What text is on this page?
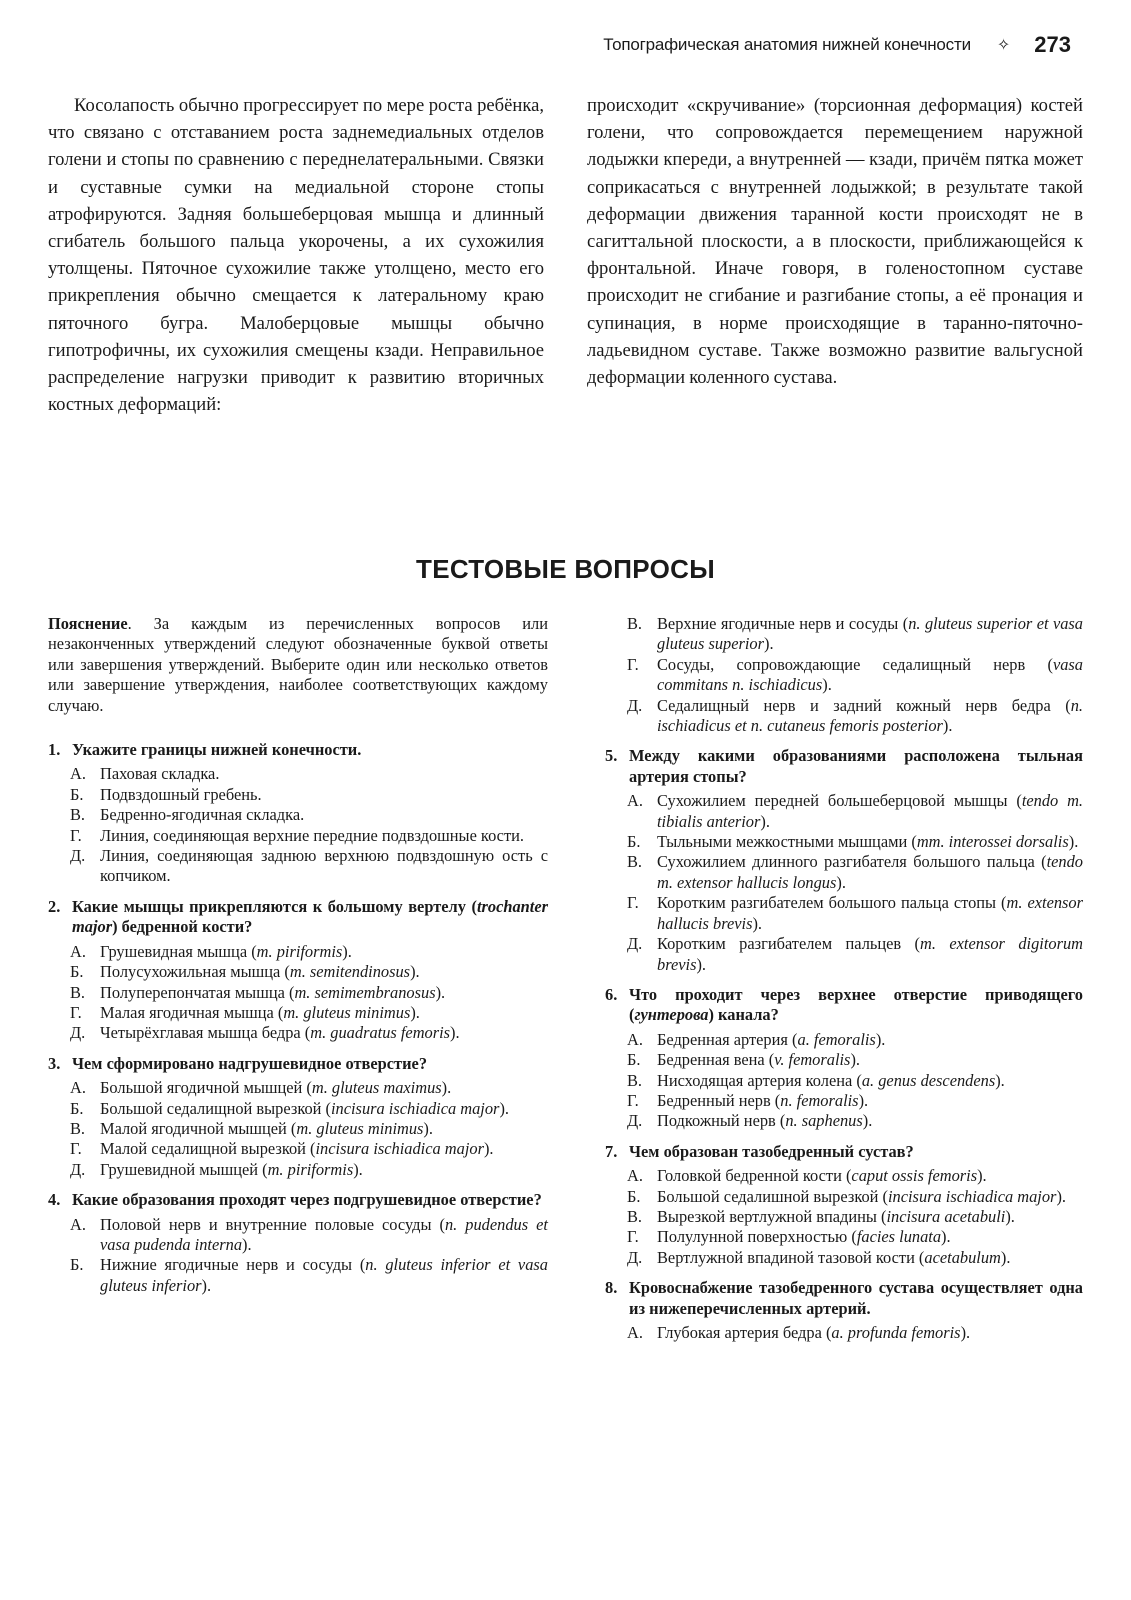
Топографическая анатомия нижней конечности ✧ 273

Косолапость обычно прогрессирует по мере роста ребёнка, что связано с отставанием роста заднемедиальных отделов голени и стопы по сравнению с переднелатеральными. Связки и суставные сумки на медиальной стороне стопы атрофируются. Задняя большеберцовая мышца и длинный сгибатель большого пальца укорочены, а их сухожилия утолщены. Пяточное сухожилие также утолщено, место его прикрепления обычно смещается к латеральному краю пяточного бугра. Малоберцовые мышцы обычно гипотрофичны, их сухожилия смещены кзади. Неправильное распределение нагрузки приводит к развитию вторичных костных деформаций:

происходит «скручивание» (торсионная деформация) костей голени, что сопровождается перемещением наружной лодыжки кпереди, а внутренней — кзади, причём пятка может соприкасаться с внутренней лодыжкой; в результате такой деформации движения таранной кости происходят не в сагиттальной плоскости, а в плоскости, приближающейся к фронтальной. Иначе говоря, в голеностопном суставе происходит не сгибание и разгибание стопы, а её пронация и супинация, в норме происходящие в таранно-пяточно-ладьевидном суставе. Также возможно развитие вальгусной деформации коленного сустава.

ТЕСТОВЫЕ ВОПРОСЫ

Пояснение. За каждым из перечисленных вопросов или незаконченных утверждений следуют обозначенные буквой ответы или завершения утверждений. Выберите один или несколько ответов или завершение утверждения, наиболее соответствующих каждому случаю.

1. Укажите границы нижней конечности.
А. Паховая складка.
Б.	Подвздошный гребень.
В. Бедренно-ягодичная складка.
Г.	Линия, соединяющая верхние передние подвздошные кости.
Д. Линия, соединяющая заднюю верхнюю подвздошную ость с копчиком.
2. Какие мышцы прикрепляются к большому вертелу (trochanter major) бедренной кости?
А. Грушевидная мышца (m. piriformis).
Б.	Полусухожильная мышца (m. semitendinosus).
В. Полуперепончатая мышца (m. semimembranosus).
Г.	Малая ягодичная мышца (m. gluteus minimus).
Д. Четырёхглавая мышца бедра (m. guadratus femoris).
3. Чем сформировано надгрушевидное отверстие?
А. Большой ягодичной мышцей (m. gluteus maximus).
Б.	Большой седалищной вырезкой (incisura ischiadica major).
В. Малой ягодичной мышцей (m. gluteus minimus).
Г.	Малой седалищной вырезкой (incisura ischiadica major).
Д. Грушевидной мышцей (m. piriformis).
4. Какие образования проходят через подгрушевидное отверстие?
А. Половой нерв и внутренние половые сосуды (n. pudendus et vasa pudenda interna).
Б.	Нижние ягодичные нерв и сосуды (n. gluteus inferior et vasa gluteus inferior).
В. Верхние ягодичные нерв и сосуды (n. gluteus superior et vasa gluteus superior).
Г.	Сосуды, сопровождающие седалищный нерв (vasa commitans n. ischiadicus).
Д. Седалищный нерв и задний кожный нерв бедра (n. ischiadicus et n. cutaneus femoris posterior).
5. Между какими образованиями расположена тыльная артерия стопы?
А. Сухожилием передней большеберцовой мышцы (tendo m. tibialis anterior).
Б.	Тыльными межкостными мышцами (mm. interossei dorsalis).
В. Сухожилием длинного разгибателя большого пальца (tendo m. extensor hallucis longus).
Г.	Коротким разгибателем большого пальца стопы (m. extensor hallucis brevis).
Д. Коротким разгибателем пальцев (m. extensor digitorum brevis).
6. Что проходит через верхнее отверстие приводящего (гунтерова) канала?
А. Бедренная артерия (a. femoralis).
Б.	Бедренная вена (v. femoralis).
В. Нисходящая артерия колена (a. genus descendens).
Г.	Бедренный нерв (n. femoralis).
Д. Подкожный нерв (n. saphenus).
7. Чем образован тазобедренный сустав?
А. Головкой бедренной кости (caput ossis femoris).
Б.	Большой седалишной вырезкой (incisura ischiadica major).
В. Вырезкой вертлужной впадины (incisura acetabuli).
Г.	Полулунной поверхностью (facies lunata).
Д. Вертлужной впадиной тазовой кости (acetabulum).
8. Кровоснабжение тазобедренного сустава осуществляет одна из нижеперечисленных артерий.
А. Глубокая артерия бедра (a. profunda femoris).
